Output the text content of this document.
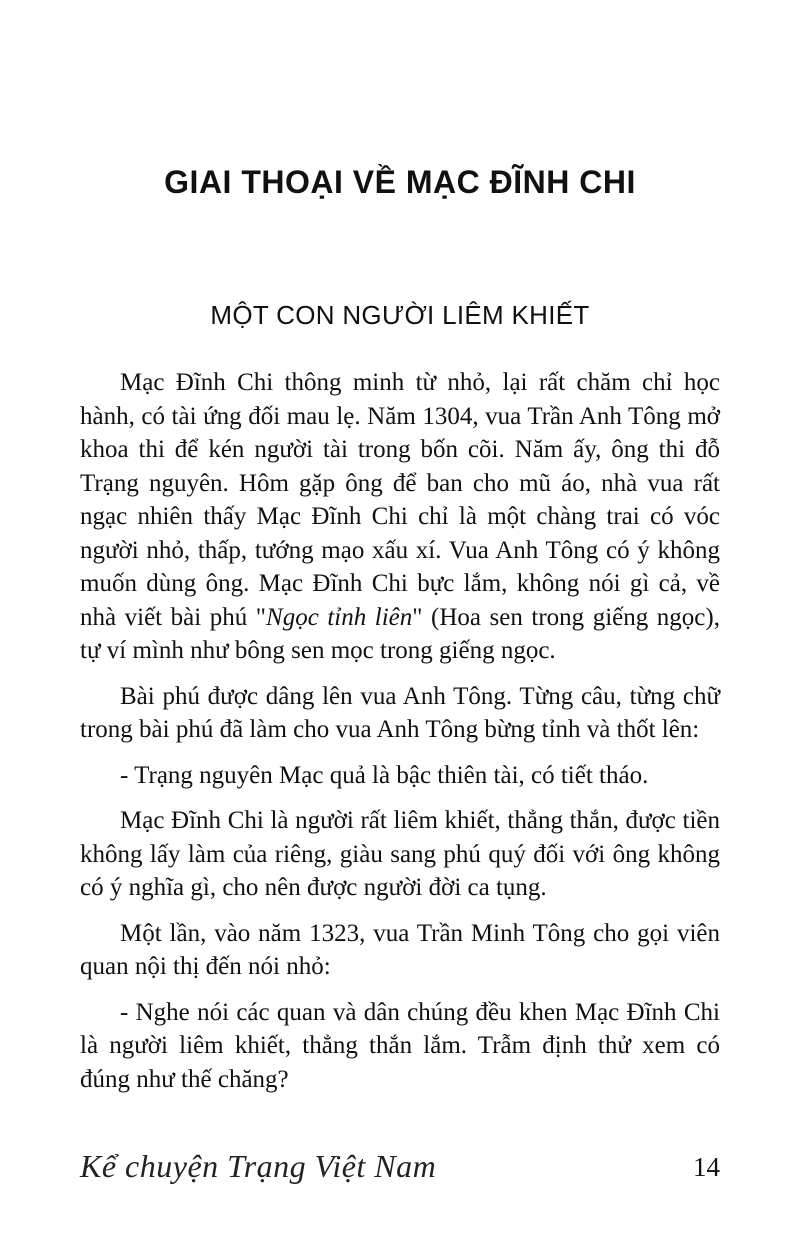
GIAI THOẠI VỀ MẠC ĐĨNH CHI
MỘT CON NGƯỜI LIÊM KHIẾT

Mạc Đĩnh Chi thông minh từ nhỏ, lại rất chăm chỉ học hành, có tài ứng đối mau lẹ. Năm 1304, vua Trần Anh Tông mở khoa thi để kén người tài trong bốn cõi. Năm ấy, ông thi đỗ Trạng nguyên. Hôm gặp ông để ban cho mũ áo, nhà vua rất ngạc nhiên thấy Mạc Đĩnh Chi chỉ là một chàng trai có vóc người nhỏ, thấp, tướng mạo xấu xí. Vua Anh Tông có ý không muốn dùng ông. Mạc Đĩnh Chi bực lắm, không nói gì cả, về nhà viết bài phú "Ngọc tỉnh liên" (Hoa sen trong giếng ngọc), tự ví mình như bông sen mọc trong giếng ngọc.

Bài phú được dâng lên vua Anh Tông. Từng câu, từng chữ trong bài phú đã làm cho vua Anh Tông bừng tỉnh và thốt lên:

- Trạng nguyên Mạc quả là bậc thiên tài, có tiết tháo.

Mạc Đĩnh Chi là người rất liêm khiết, thẳng thắn, được tiền không lấy làm của riêng, giàu sang phú quý đối với ông không có ý nghĩa gì, cho nên được người đời ca tụng.

Một lần, vào năm 1323, vua Trần Minh Tông cho gọi viên quan nội thị đến nói nhỏ:

- Nghe nói các quan và dân chúng đều khen Mạc Đĩnh Chi là người liêm khiết, thẳng thắn lắm. Trẫm định thử xem có đúng như thế chăng?

Kể chuyện Trạng Việt Nam	14
